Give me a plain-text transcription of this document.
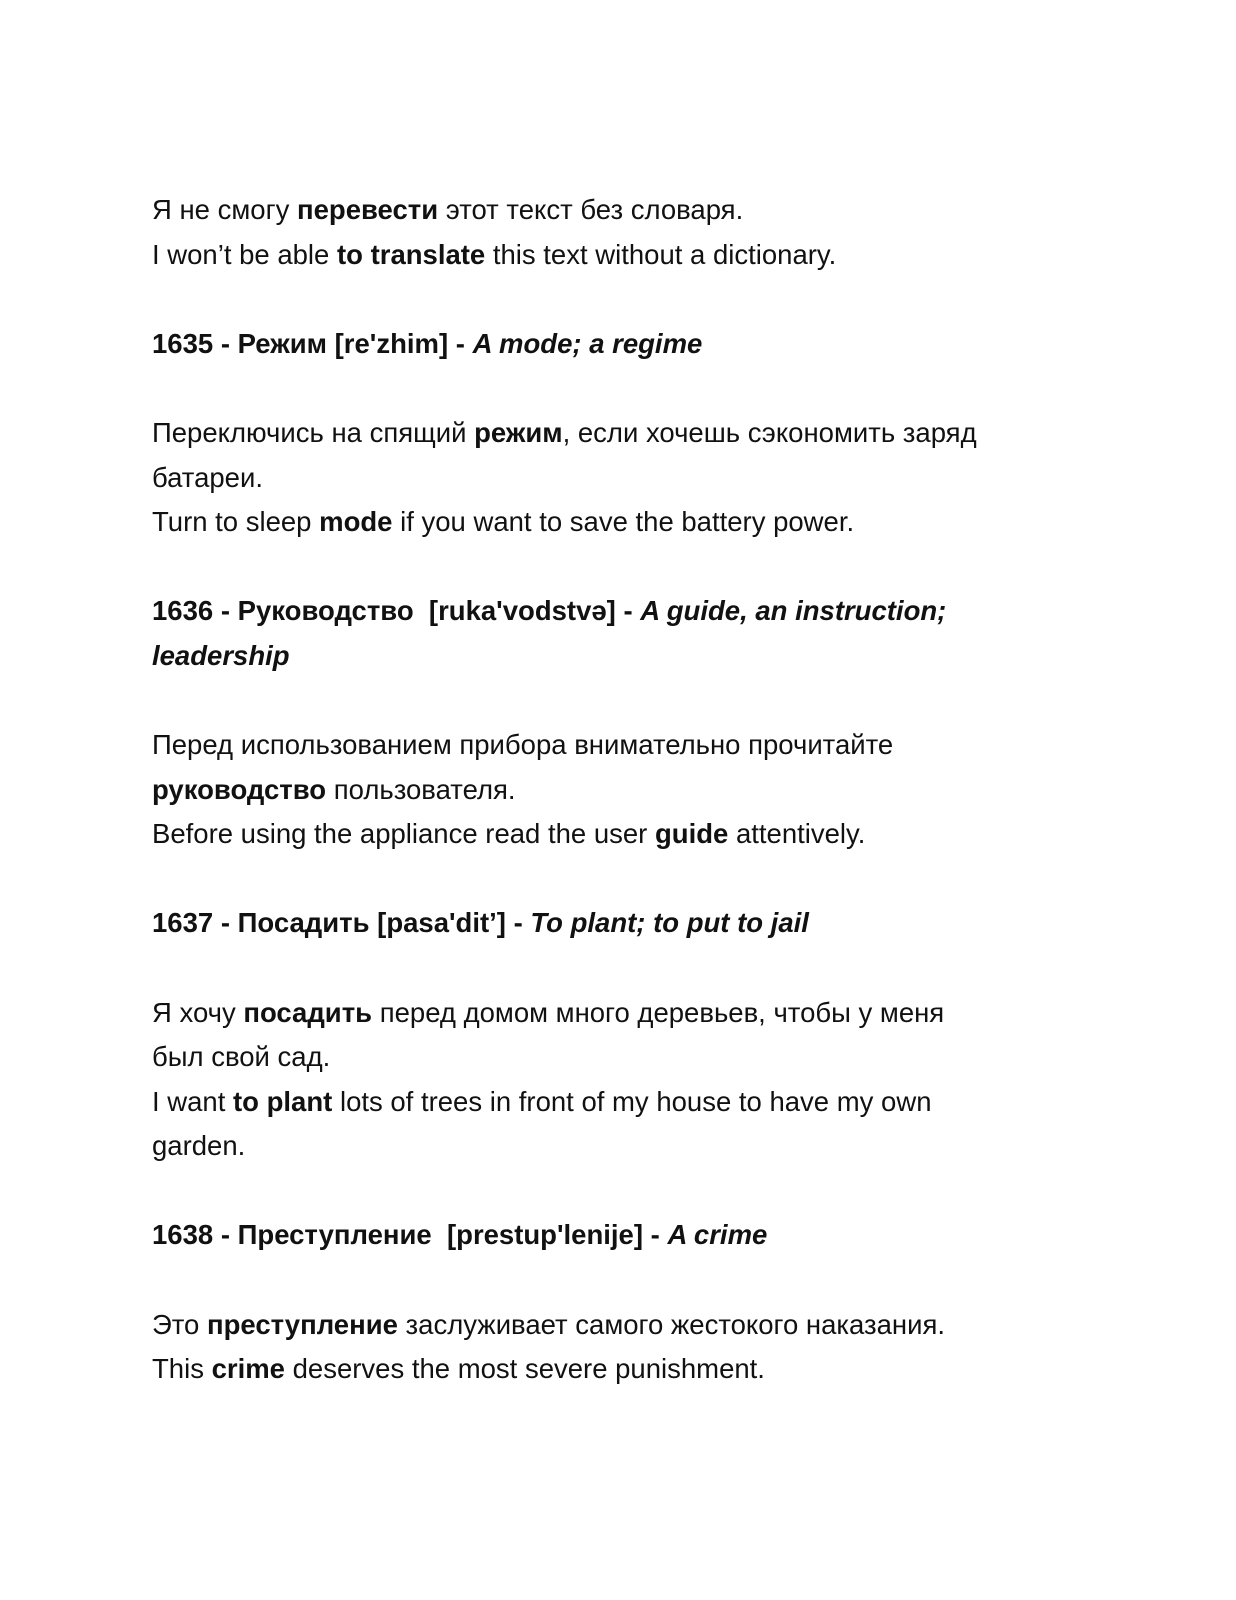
Я не смогу перевести этот текст без словаря.
I won’t be able to translate this text without a dictionary.
1635 - Режим [re'zhim] - A mode; a regime
Переключись на спящий режим, если хочешь сэкономить заряд
батареи.
Turn to sleep mode if you want to save the battery power.
1636 - Руководство  [ruka'vodstvə] - A guide, an instruction;
leadership
Перед использованием прибора внимательно прочитайте
руководство пользователя.
Before using the appliance read the user guide attentively.
1637 - Посадить [pasa'dit’] - To plant; to put to jail
Я хочу посадить перед домом много деревьев, чтобы у меня
был свой сад.
I want to plant lots of trees in front of my house to have my own
garden.
1638 - Преступление  [prestup'lenije] - A crime
Это преступление заслуживает самого жестокого наказания.
This crime deserves the most severe punishment.
